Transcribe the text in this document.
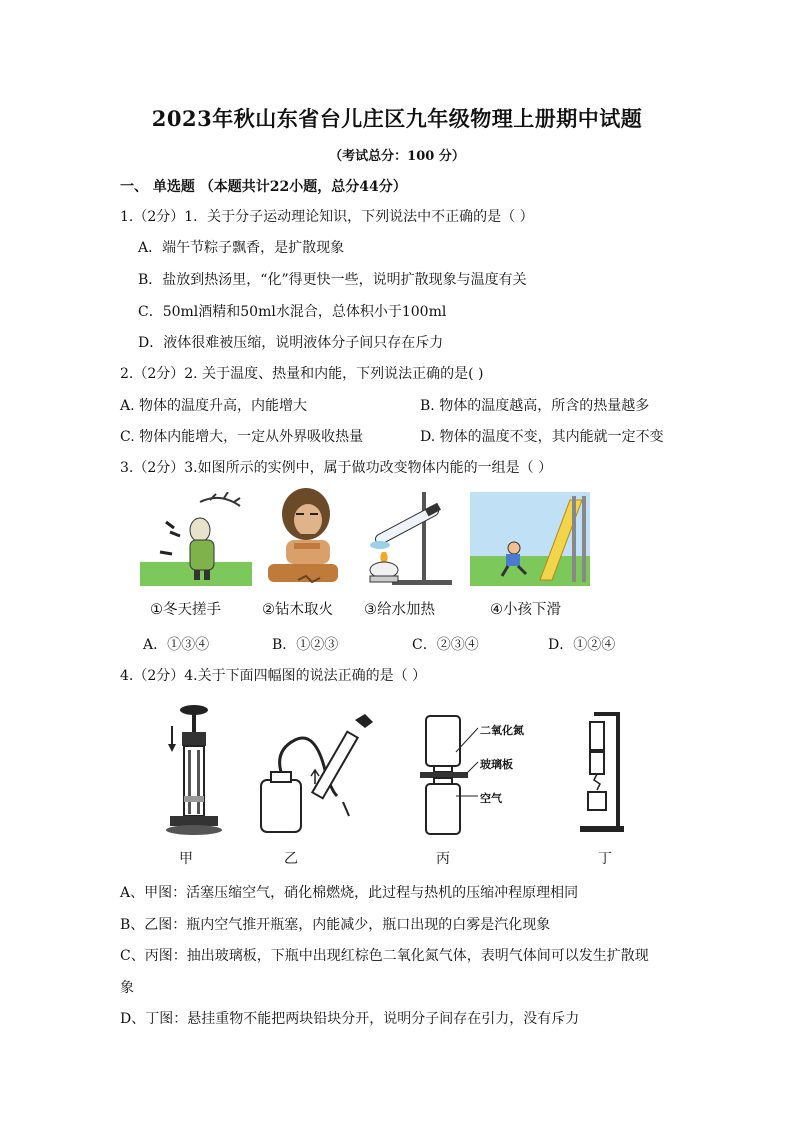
2023年秋山东省台儿庄区九年级物理上册期中试题
（考试总分：100 分）
一、 单选题 （本题共计22小题，总分44分）
1.（2分）1．关于分子运动理论知识，下列说法中不正确的是（ ）
A．端午节粽子飘香，是扩散现象
B．盐放到热汤里，“化”得更快一些，说明扩散现象与温度有关
C．50ml酒精和50ml水混合，总体积小于100ml
D．液体很难被压缩，说明液体分子间只存在斥力
2.（2分）2. 关于温度、热量和内能，下列说法正确的是( )
A. 物体的温度升高，内能增大	B. 物体的温度越高，所含的热量越多
C. 物体内能增大，一定从外界吸收热量	D. 物体的温度不变，其内能就一定不变
3.（2分）3.如图所示的实例中，属于做功改变物体内能的一组是（ ）
①冬天搓手	②钻木取火 ③给水加热	④小孩下滑
A．①③④	B．①②③	C．②③④	D．①②④
4.（2分）4.关于下面四幅图的说法正确的是（ ）
二氧化氮
玻璃板
空气
甲	乙	丙	丁
A、甲图：活塞压缩空气，硝化棉燃烧，此过程与热机的压缩冲程原理相同
B、乙图：瓶内空气推开瓶塞，内能减少，瓶口出现的白雾是汽化现象
C、丙图：抽出玻璃板，下瓶中出现红棕色二氧化氮气体，表明气体间可以发生扩散现
象
D、丁图：悬挂重物不能把两块铅块分开，说明分子间存在引力，没有斥力
